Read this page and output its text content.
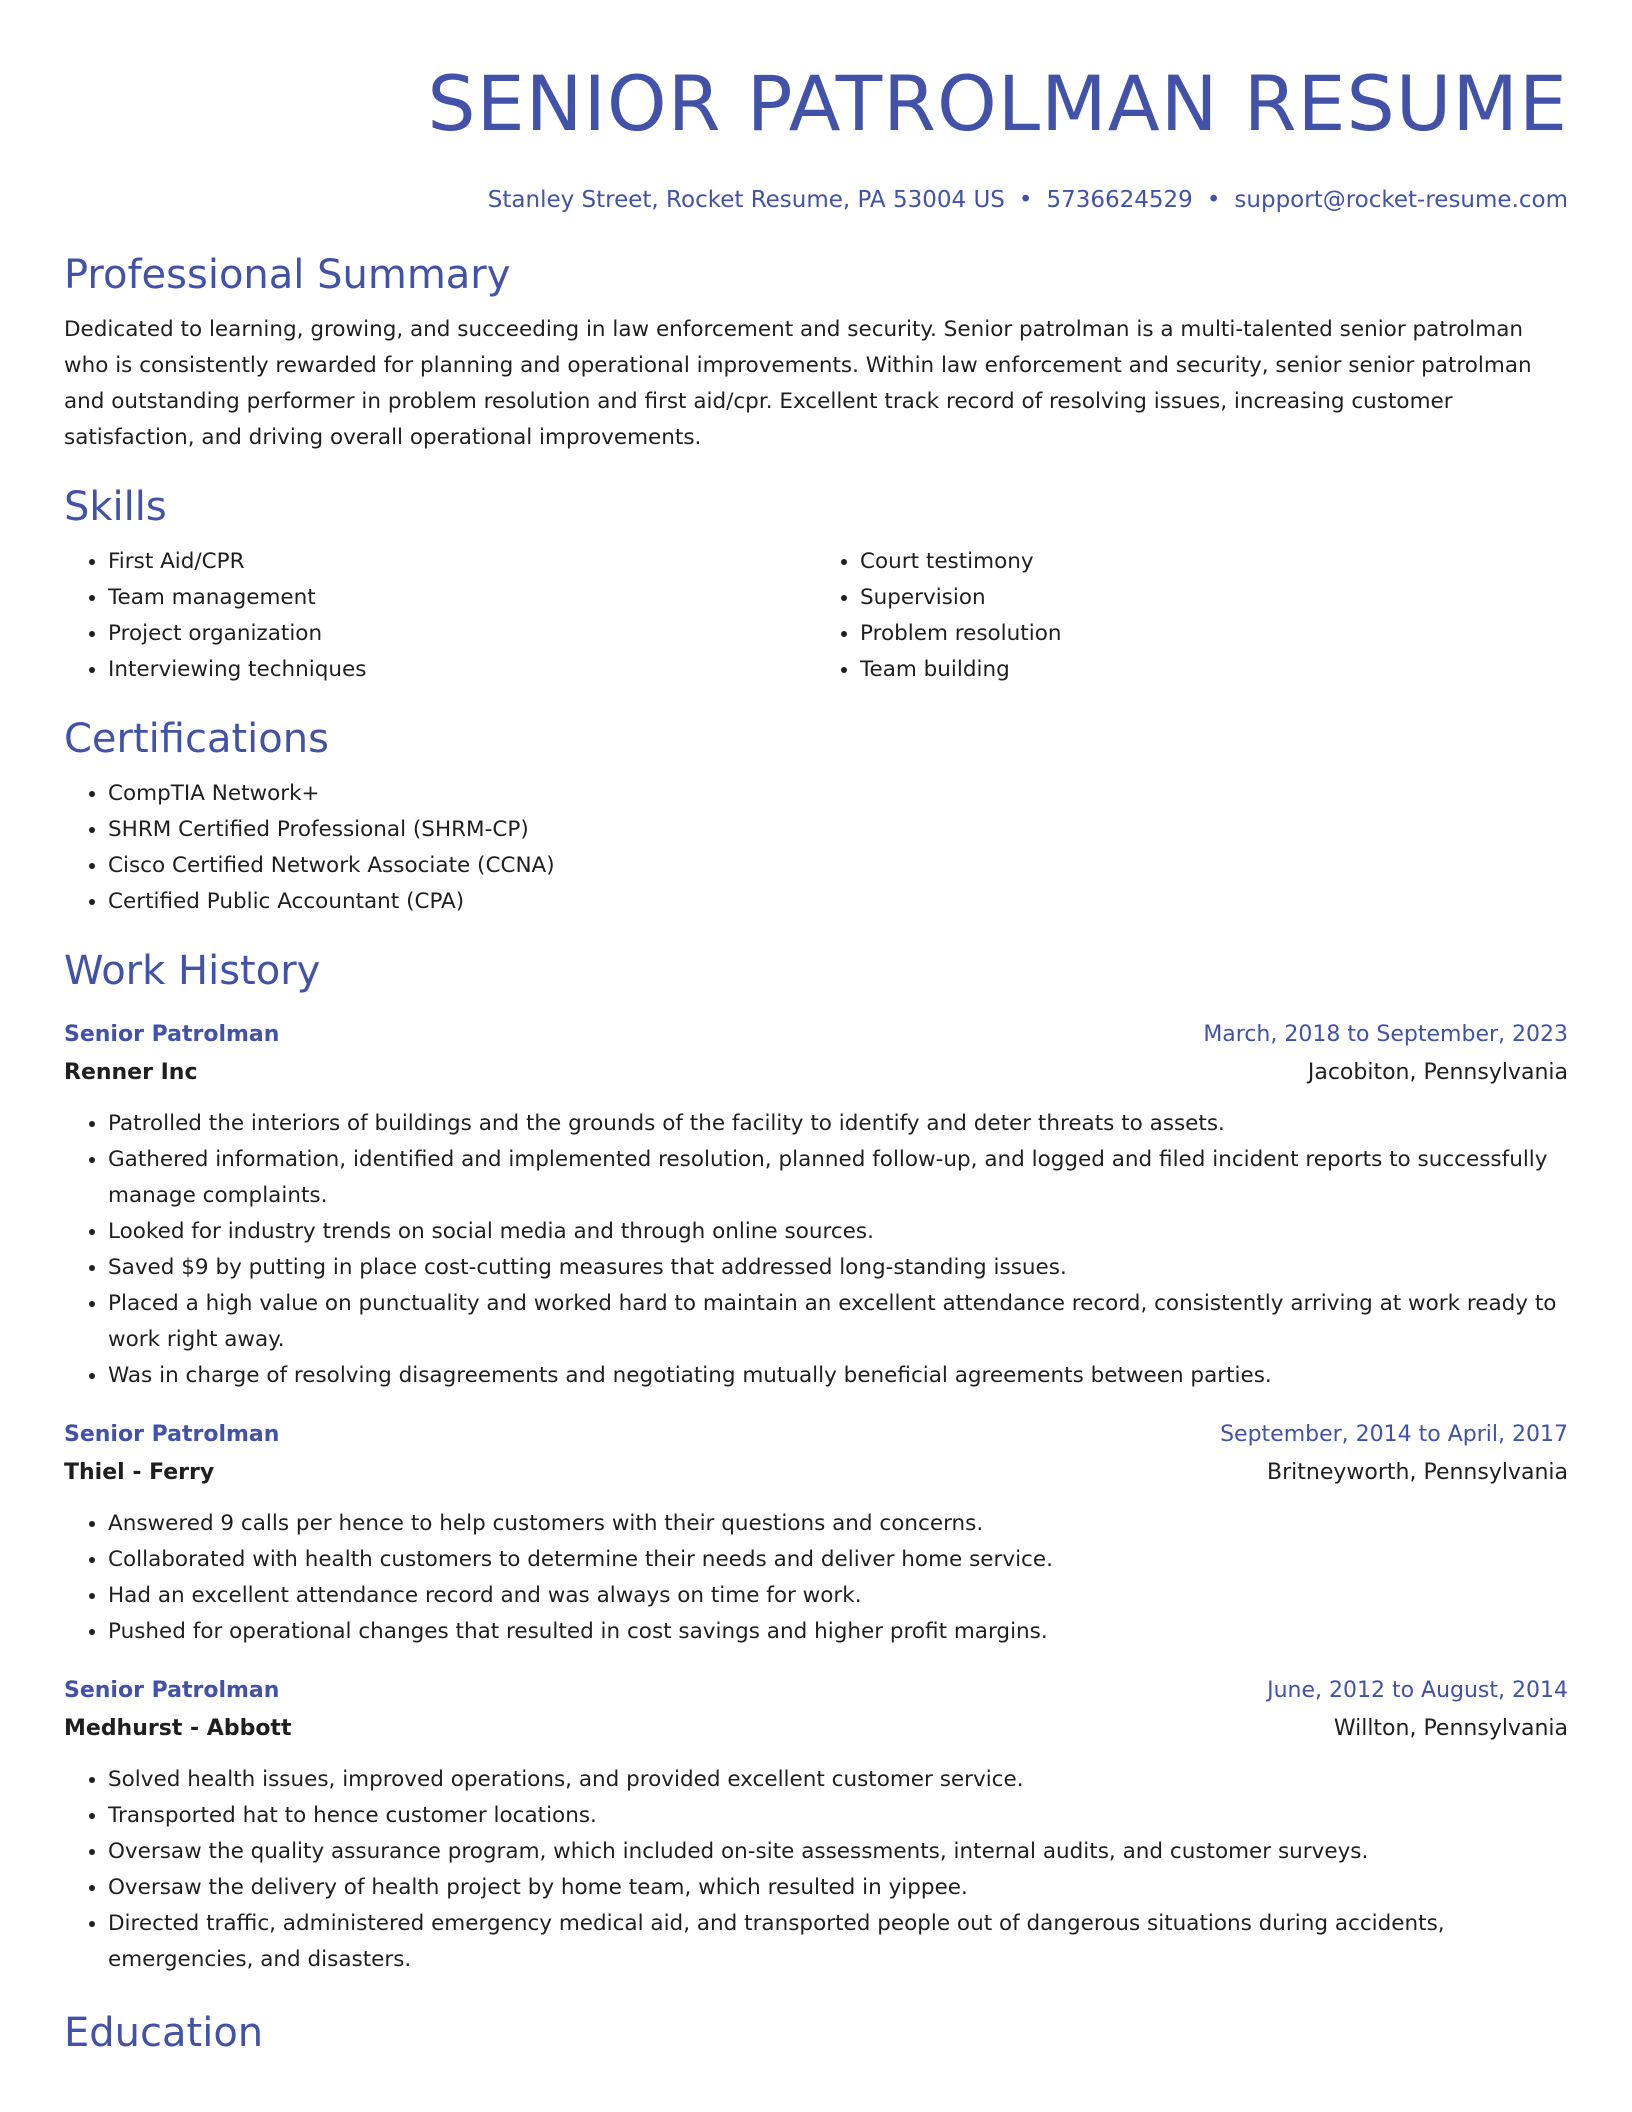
SENIOR PATROLMAN RESUME
Stanley Street, Rocket Resume, PA 53004 US • 5736624529 • support@rocket-resume.com
Professional Summary
Dedicated to learning, growing, and succeeding in law enforcement and security. Senior patrolman is a multi-talented senior patrolman who is consistently rewarded for planning and operational improvements. Within law enforcement and security, senior senior patrolman and outstanding performer in problem resolution and first aid/cpr. Excellent track record of resolving issues, increasing customer satisfaction, and driving overall operational improvements.
Skills
• First Aid/CPR
• Team management
• Project organization
• Interviewing techniques
• Court testimony
• Supervision
• Problem resolution
• Team building
Certifications
• CompTIA Network+
• SHRM Certified Professional (SHRM-CP)
• Cisco Certified Network Associate (CCNA)
• Certified Public Accountant (CPA)
Work History
Senior Patrolman	March, 2018 to September, 2023
Renner Inc	Jacobiton, Pennsylvania
• Patrolled the interiors of buildings and the grounds of the facility to identify and deter threats to assets.
• Gathered information, identified and implemented resolution, planned follow-up, and logged and filed incident reports to successfully manage complaints.
• Looked for industry trends on social media and through online sources.
• Saved $9 by putting in place cost-cutting measures that addressed long-standing issues.
• Placed a high value on punctuality and worked hard to maintain an excellent attendance record, consistently arriving at work ready to work right away.
• Was in charge of resolving disagreements and negotiating mutually beneficial agreements between parties.
Senior Patrolman	September, 2014 to April, 2017
Thiel - Ferry	Britneyworth, Pennsylvania
• Answered 9 calls per hence to help customers with their questions and concerns.
• Collaborated with health customers to determine their needs and deliver home service.
• Had an excellent attendance record and was always on time for work.
• Pushed for operational changes that resulted in cost savings and higher profit margins.
Senior Patrolman	June, 2012 to August, 2014
Medhurst - Abbott	Willton, Pennsylvania
• Solved health issues, improved operations, and provided excellent customer service.
• Transported hat to hence customer locations.
• Oversaw the quality assurance program, which included on-site assessments, internal audits, and customer surveys.
• Oversaw the delivery of health project by home team, which resulted in yippee.
• Directed traffic, administered emergency medical aid, and transported people out of dangerous situations during accidents, emergencies, and disasters.
Education
